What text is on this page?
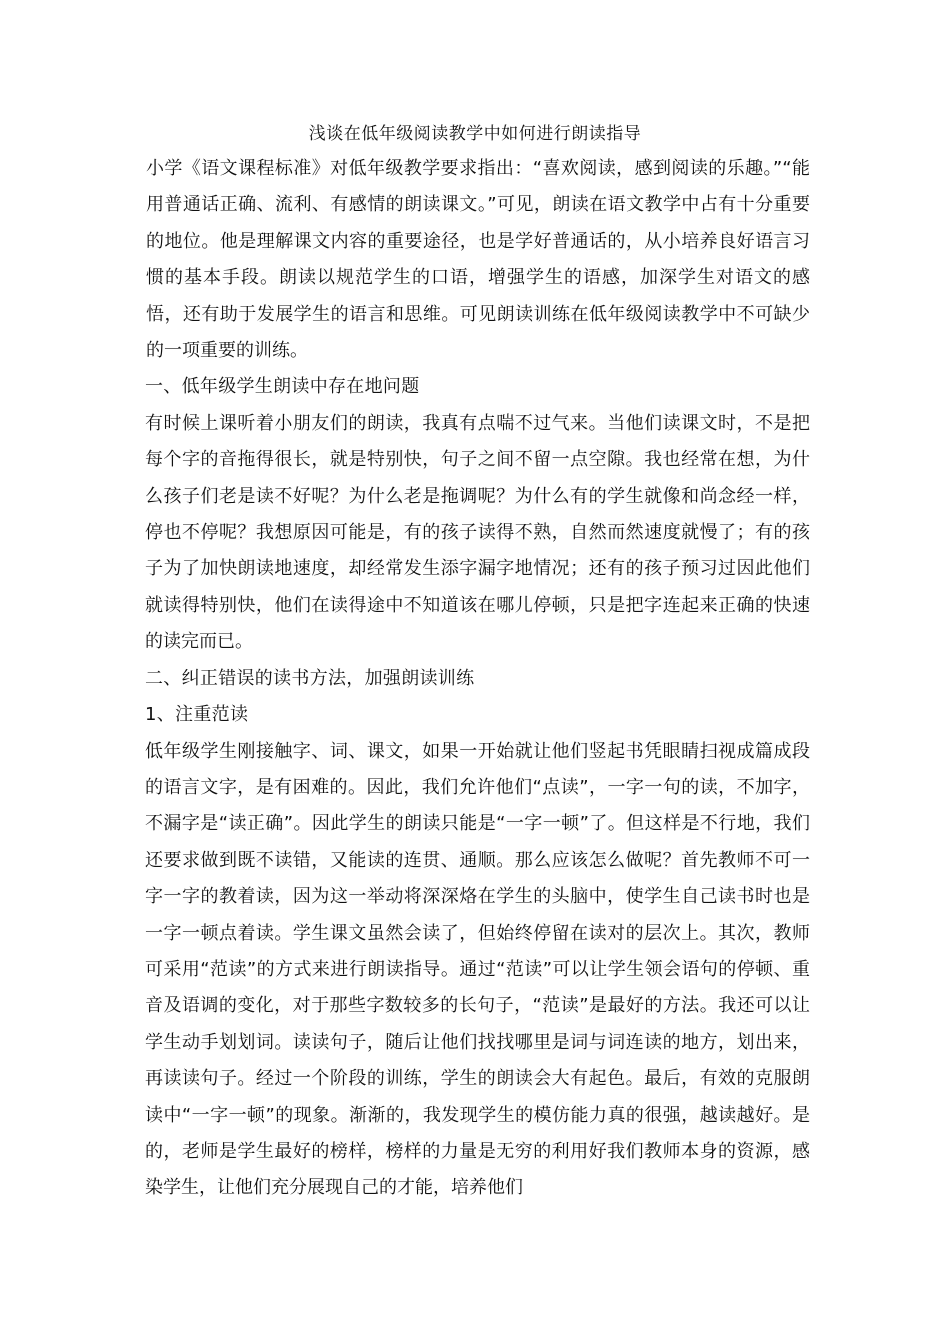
浅谈在低年级阅读教学中如何进行朗读指导

小学《语文课程标准》对低年级教学要求指出：“喜欢阅读，感到阅读的乐趣。”“能用普通话正确、流利、有感情的朗读课文。”可见，朗读在语文教学中占有十分重要的地位。他是理解课文内容的重要途径，也是学好普通话的，从小培养良好语言习惯的基本手段。朗读以规范学生的口语，增强学生的语感，加深学生对语文的感悟，还有助于发展学生的语言和思维。可见朗读训练在低年级阅读教学中不可缺少的一项重要的训练。

一、低年级学生朗读中存在地问题

有时候上课听着小朋友们的朗读，我真有点喘不过气来。当他们读课文时，不是把每个字的音拖得很长，就是特别快，句子之间不留一点空隙。我也经常在想，为什么孩子们老是读不好呢？为什么老是拖调呢？为什么有的学生就像和尚念经一样，停也不停呢？我想原因可能是，有的孩子读得不熟，自然而然速度就慢了；有的孩子为了加快朗读地速度，却经常发生添字漏字地情况；还有的孩子预习过因此他们就读得特别快，他们在读得途中不知道该在哪儿停顿，只是把字连起来正确的快速的读完而已。

二、纠正错误的读书方法，加强朗读训练

1、注重范读

低年级学生刚接触字、词、课文，如果一开始就让他们竖起书凭眼睛扫视成篇成段的语言文字，是有困难的。因此，我们允许他们“点读”，一字一句的读，不加字，不漏字是“读正确”。因此学生的朗读只能是“一字一顿”了。但这样是不行地，我们还要求做到既不读错，又能读的连贯、通顺。那么应该怎么做呢？首先教师不可一字一字的教着读，因为这一举动将深深烙在学生的头脑中，使学生自己读书时也是一字一顿点着读。学生课文虽然会读了，但始终停留在读对的层次上。其次，教师可采用“范读”的方式来进行朗读指导。通过“范读”可以让学生领会语句的停顿、重音及语调的变化，对于那些字数较多的长句子，“范读”是最好的方法。我还可以让学生动手划划词。读读句子，随后让他们找找哪里是词与词连读的地方，划出来，再读读句子。经过一个阶段的训练，学生的朗读会大有起色。最后，有效的克服朗读中“一字一顿”的现象。渐渐的，我发现学生的模仿能力真的很强，越读越好。是的，老师是学生最好的榜样，榜样的力量是无穷的利用好我们教师本身的资源，感染学生，让他们充分展现自己的才能，培养他们
